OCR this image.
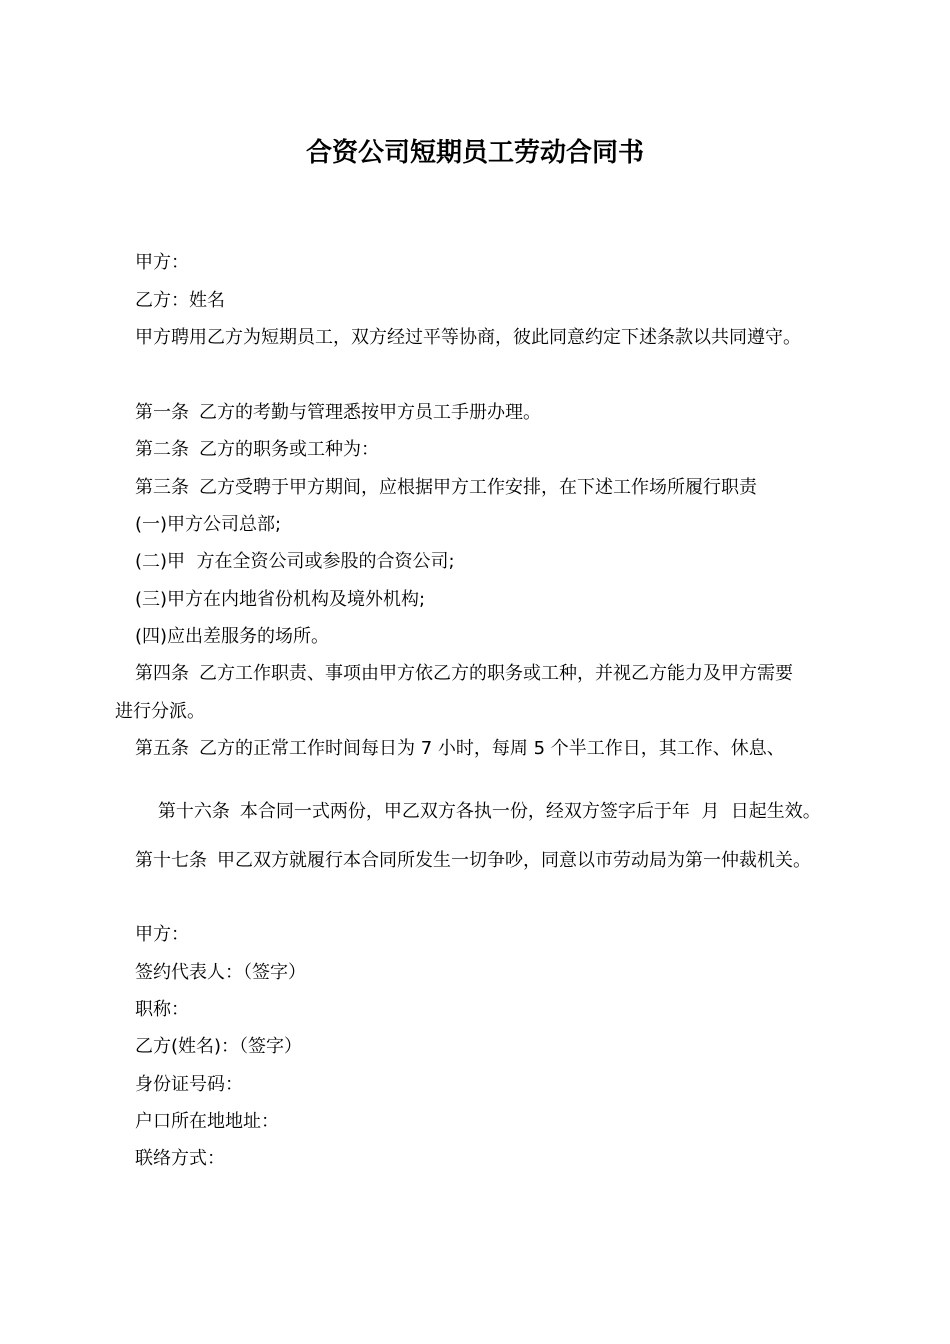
合资公司短期员工劳动合同书
甲方：
乙方：姓名
甲方聘用乙方为短期员工，双方经过平等协商，彼此同意约定下述条款以共同遵守。
第一条 乙方的考勤与管理悉按甲方员工手册办理。
第二条 乙方的职务或工种为：
第三条 乙方受聘于甲方期间，应根据甲方工作安排，在下述工作场所履行职责
(一)甲方公司总部;
(二)甲  方在全资公司或参股的合资公司;
(三)甲方在内地省份机构及境外机构;
(四)应出差服务的场所。
第四条 乙方工作职责、事项由甲方依乙方的职务或工种，并视乙方能力及甲方需要
进行分派。
第五条 乙方的正常工作时间每日为 7 小时，每周 5 个半工作日，其工作、休息、

第十六条 本合同一式两份，甲乙双方各执一份，经双方签字后于年  月  日起生效。

第十七条 甲乙双方就履行本合同所发生一切争吵，同意以市劳动局为第一仲裁机关。
甲方：
签约代表人：（签字）
职称：
乙方(姓名)：（签字）
身份证号码：
户口所在地地址：
联络方式：
